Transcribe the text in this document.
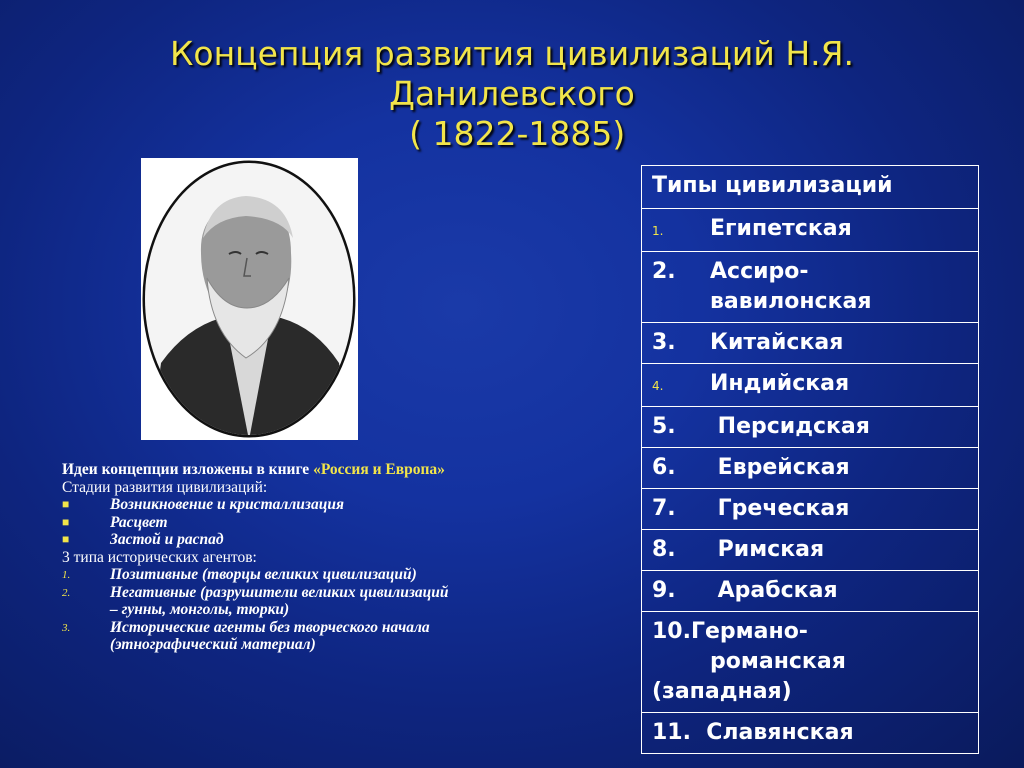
Концепция развития цивилизаций Н.Я.
Данилевского
( 1822-1885)
Идеи концепции изложены в книге «Россия и Европа»
Стадии развития цивилизаций:
■	Возникновение и кристаллизация
■	Расцвет
■	Застой и распад
3 типа исторических агентов:
1.	Позитивные (творцы великих цивилизаций)
2.	Негативные (разрушители великих цивилизаций
– гунны, монголы, тюрки)
3.	Исторические агенты без творческого начала
(этнографический материал)
Типы цивилизаций
1. Египетская
2. Ассиро-
вавилонская

3. Китайская
4. Индийская
5. Персидская
6. Еврейская
7. Греческая
8. Римская
9. Арабская

10.Германо-
романская
(западная)

11.  Славянская
